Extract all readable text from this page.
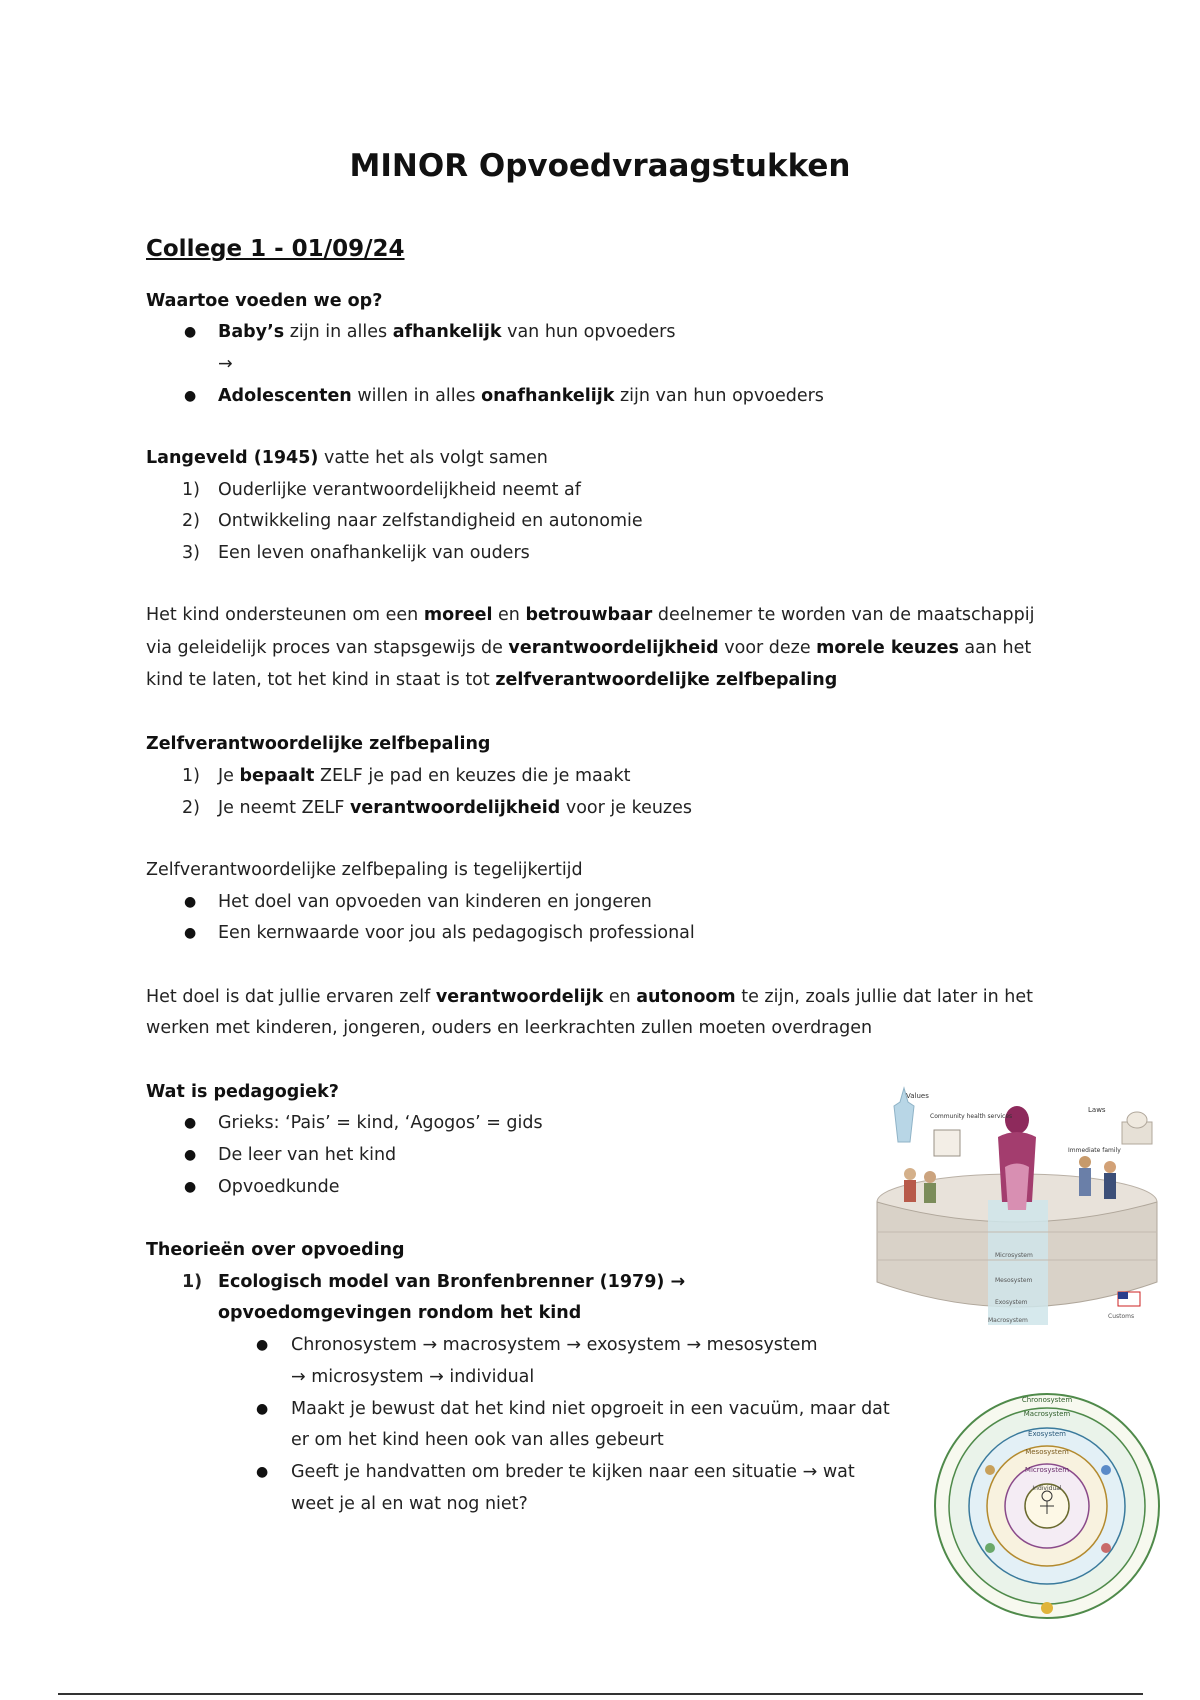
MINOR Opvoedvraagstukken
College 1 - 01/09/24
Waartoe voeden we op?
● Baby’s zijn in alles afhankelijk van hun opvoeders
→
● Adolescenten willen in alles onafhankelijk zijn van hun opvoeders
Langeveld (1945) vatte het als volgt samen
1) Ouderlijke verantwoordelijkheid neemt af
2) Ontwikkeling naar zelfstandigheid en autonomie
3) Een leven onafhankelijk van ouders
Het kind ondersteunen om een moreel en betrouwbaar deelnemer te worden van de maatschappij
via geleidelijk proces van stapsgewijs de verantwoordelijkheid voor deze morele keuzes aan het
kind te laten, tot het kind in staat is tot zelfverantwoordelijke zelfbepaling
Zelfverantwoordelijke zelfbepaling
1) Je bepaalt ZELF je pad en keuzes die je maakt
2) Je neemt ZELF verantwoordelijkheid voor je keuzes
Zelfverantwoordelijke zelfbepaling is tegelijkertijd
● Het doel van opvoeden van kinderen en jongeren
● Een kernwaarde voor jou als pedagogisch professional
Het doel is dat jullie ervaren zelf verantwoordelijk en autonoom te zijn, zoals jullie dat later in het
werken met kinderen, jongeren, ouders en leerkrachten zullen moeten overdragen
Wat is pedagogiek?
● Grieks: ‘Pais’ = kind, ‘Agogos’ = gids
● De leer van het kind
● Opvoedkunde
Theorieën over opvoeding
1) Ecologisch model van Bronfenbrenner (1979) →
opvoedomgevingen rondom het kind
● Chronosystem → macrosystem → exosystem → mesosystem
→ microsystem → individual
● Maakt je bewust dat het kind niet opgroeit in een vacuüm, maar dat
er om het kind heen ook van alles gebeurt
● Geeft je handvatten om breder te kijken naar een situatie → wat
weet je al en wat nog niet?
Values
Community health services
Laws
Immediate family
Microsystem
Mesosystem
Exosystem
Macrosystem
Customs
Chronosystem
Macrosystem
Exosystem
Mesosystem
Microsystem
Individual
